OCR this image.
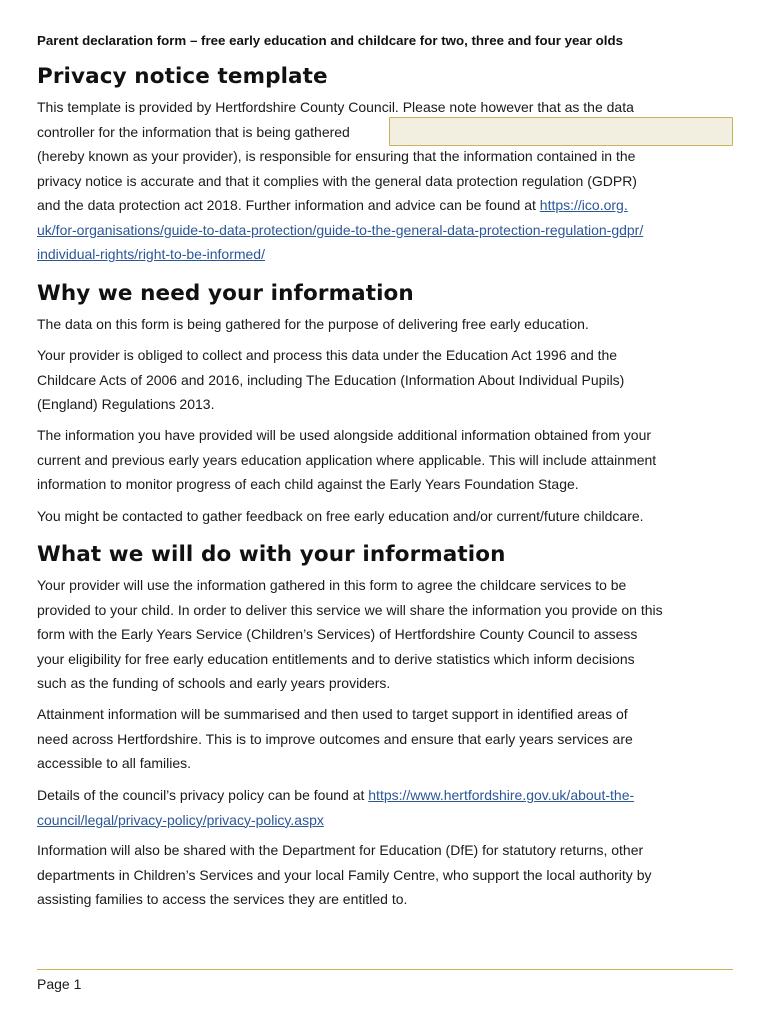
Parent declaration form – free early education and childcare for two, three and four year olds
Privacy notice template

This template is provided by Hertfordshire County Council. Please note however that as the data
controller for the information that is being gathered
(hereby known as your provider), is responsible for ensuring that the information contained in the
privacy notice is accurate and that it complies with the general data protection regulation (GDPR)
and the data protection act 2018. Further information and advice can be found at https://ico.org.
uk/for-organisations/guide-to-data-protection/guide-to-the-general-data-protection-regulation-gdpr/
individual-rights/right-to-be-informed/

Why we need your information

The data on this form is being gathered for the purpose of delivering free early education.

Your provider is obliged to collect and process this data under the Education Act 1996 and the
Childcare Acts of 2006 and 2016, including The Education (Information About Individual Pupils)
(England) Regulations 2013.

The information you have provided will be used alongside additional information obtained from your
current and previous early years education application where applicable. This will include attainment
information to monitor progress of each child against the Early Years Foundation Stage.

You might be contacted to gather feedback on free early education and/or current/future childcare.

What we will do with your information

Your provider will use the information gathered in this form to agree the childcare services to be
provided to your child. In order to deliver this service we will share the information you provide on this
form with the Early Years Service (Children’s Services) of Hertfordshire County Council to assess
your eligibility for free early education entitlements and to derive statistics which inform decisions
such as the funding of schools and early years providers.

Attainment information will be summarised and then used to target support in identified areas of
need across Hertfordshire. This is to improve outcomes and ensure that early years services are
accessible to all families.

Details of the council’s privacy policy can be found at https://www.hertfordshire.gov.uk/about-the-
council/legal/privacy-policy/privacy-policy.aspx

Information will also be shared with the Department for Education (DfE) for statutory returns, other
departments in Children’s Services and your local Family Centre, who support the local authority by
assisting families to access the services they are entitled to.

Page 1
